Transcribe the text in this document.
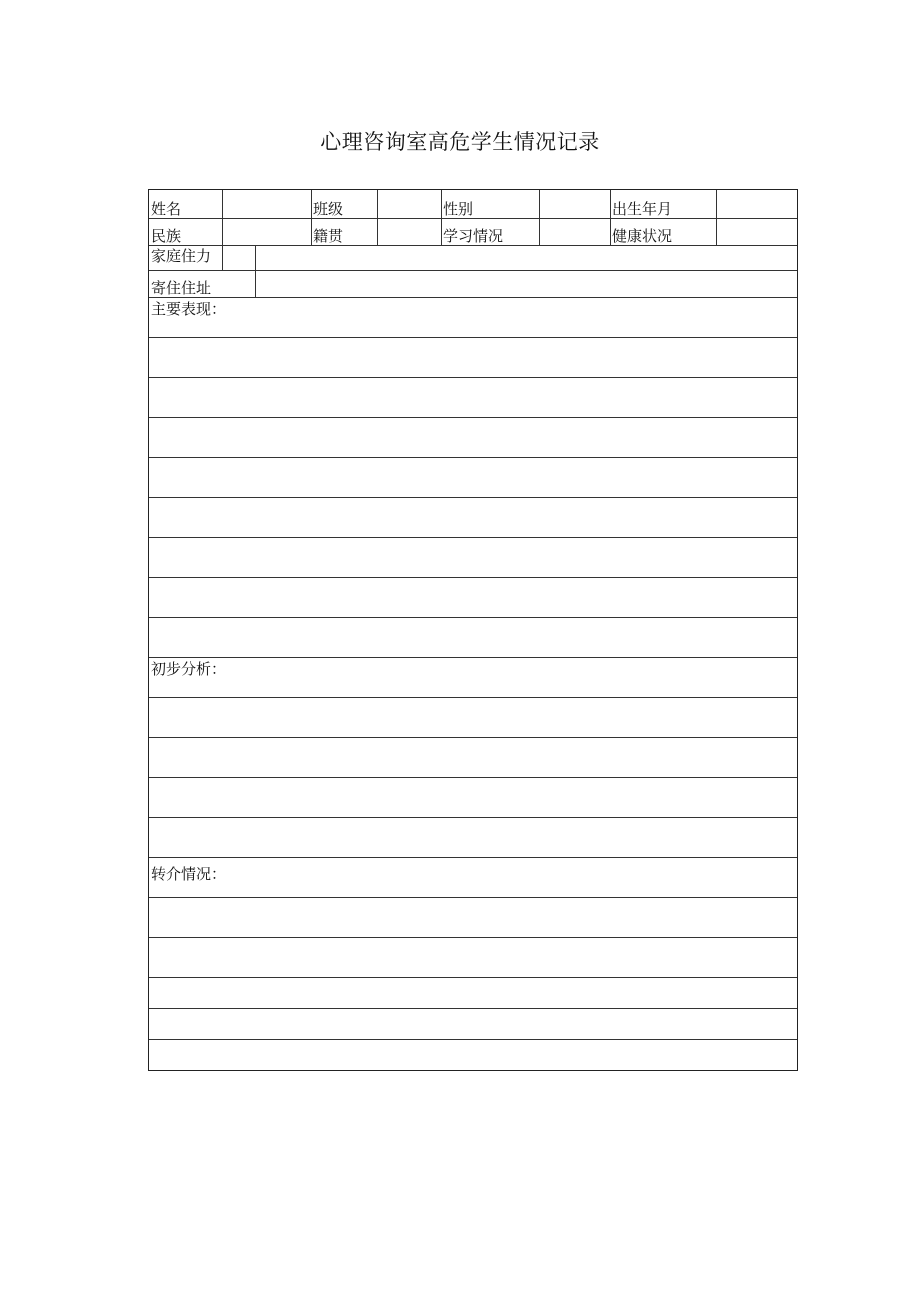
心理咨询室高危学生情况记录
姓名	班级	性别	出生年月
民族	籍贯	学习情况	健康状况
家庭住力
寄住住址
主要表现：
初步分析：
转介情况：
